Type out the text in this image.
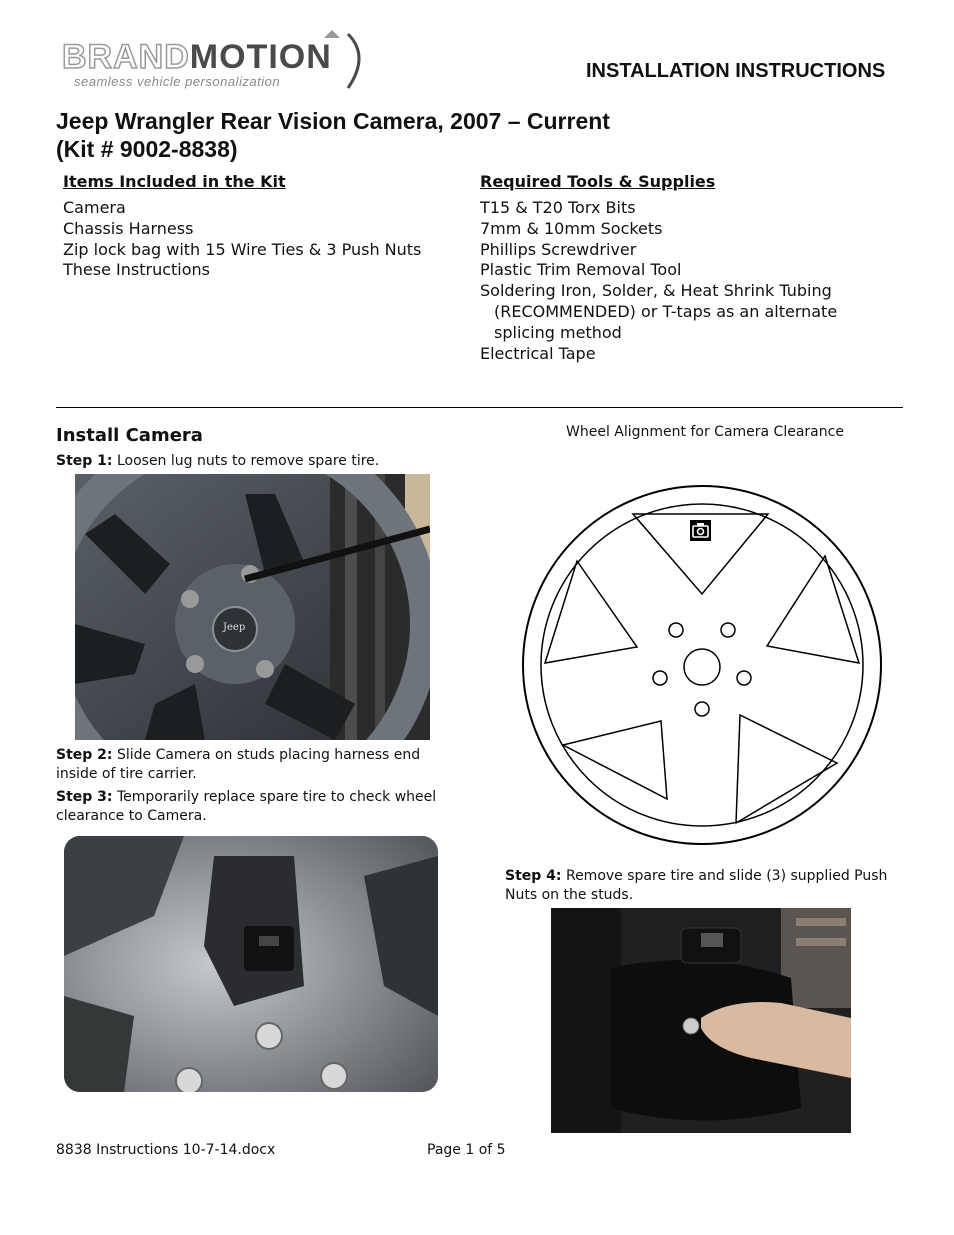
BRANDMOTION
seamless vehicle personalization	INSTALLATION INSTRUCTIONS
Jeep Wrangler Rear Vision Camera, 2007 – Current
(Kit # 9002-8838)
Items Included in the Kit
Camera
Chassis Harness
Zip lock bag with 15 Wire Ties & 3 Push Nuts
These Instructions
Required Tools & Supplies
T15 & T20 Torx Bits
7mm & 10mm Sockets
Phillips Screwdriver
Plastic Trim Removal Tool
Soldering Iron, Solder, & Heat Shrink Tubing
(RECOMMENDED) or T-taps as an alternate
splicing method
Electrical Tape
Install Camera	Wheel Alignment for Camera Clearance
Step 1: Loosen lug nuts to remove spare tire.
Jeep
Step 2: Slide Camera on studs placing harness end inside of tire carrier.
Step 3: Temporarily replace spare tire to check wheel clearance to Camera.
Step 4: Remove spare tire and slide (3) supplied Push Nuts on the studs.
8838 Instructions 10-7-14.docx	Page 1 of 5
